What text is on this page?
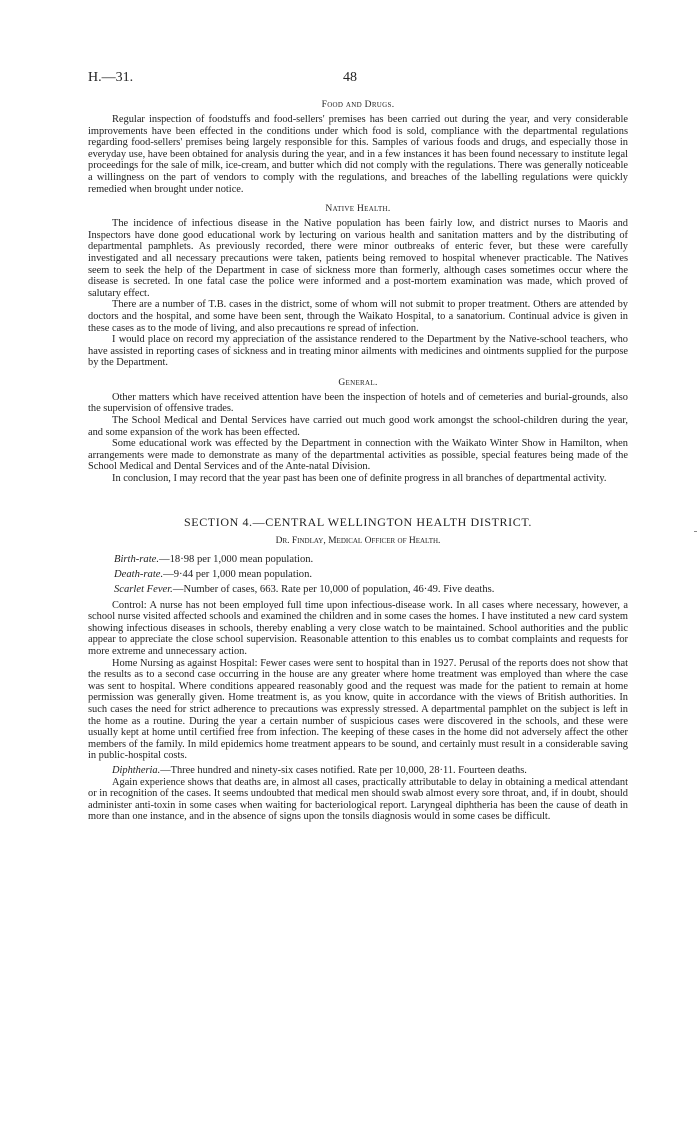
H.—31.	48
Food and Drugs.

Regular inspection of foodstuffs and food-sellers' premises has been carried out during the year, and very considerable improvements have been effected in the conditions under which food is sold, compliance with the departmental regulations regarding food-sellers' premises being largely responsible for this. Samples of various foods and drugs, and especially those in everyday use, have been obtained for analysis during the year, and in a few instances it has been found necessary to institute legal proceedings for the sale of milk, ice-cream, and butter which did not comply with the regulations. There was generally noticeable a willingness on the part of vendors to comply with the regulations, and breaches of the labelling regulations were quickly remedied when brought under notice.

Native Health.

The incidence of infectious disease in the Native population has been fairly low, and district nurses to Maoris and Inspectors have done good educational work by lecturing on various health and sanitation matters and by the distributing of departmental pamphlets. As previously recorded, there were minor outbreaks of enteric fever, but these were carefully investigated and all necessary precautions were taken, patients being removed to hospital whenever practicable. The Natives seem to seek the help of the Department in case of sickness more than formerly, although cases sometimes occur where the disease is secreted. In one fatal case the police were informed and a post-mortem examination was made, which proved of salutary effect.

There are a number of T.B. cases in the district, some of whom will not submit to proper treatment. Others are attended by doctors and the hospital, and some have been sent, through the Waikato Hospital, to a sanatorium. Continual advice is given in these cases as to the mode of living, and also precautions re spread of infection.

I would place on record my appreciation of the assistance rendered to the Department by the Native-school teachers, who have assisted in reporting cases of sickness and in treating minor ailments with medicines and ointments supplied for the purpose by the Department.

General.

Other matters which have received attention have been the inspection of hotels and of cemeteries and burial-grounds, also the supervision of offensive trades.

The School Medical and Dental Services have carried out much good work amongst the school-children during the year, and some expansion of the work has been effected.

Some educational work was effected by the Department in connection with the Waikato Winter Show in Hamilton, when arrangements were made to demonstrate as many of the departmental activities as possible, special features being made of the School Medical and Dental Services and of the Ante-natal Division.

In conclusion, I may record that the year past has been one of definite progress in all branches of departmental activity.

SECTION 4.—CENTRAL WELLINGTON HEALTH DISTRICT.
Dr. Findlay, Medical Officer of Health.
Birth-rate.—18·98 per 1,000 mean population.
Death-rate.—9·44 per 1,000 mean population.
Scarlet Fever.—Number of cases, 663. Rate per 10,000 of population, 46·49. Five deaths.

Control: A nurse has not been employed full time upon infectious-disease work. In all cases where necessary, however, a school nurse visited affected schools and examined the children and in some cases the homes. I have instituted a new card system showing infectious diseases in schools, thereby enabling a very close watch to be maintained. School authorities and the public appear to appreciate the close school supervision. Reasonable attention to this enables us to combat complaints and requests for more extreme and unnecessary action.

Home Nursing as against Hospital: Fewer cases were sent to hospital than in 1927. Perusal of the reports does not show that the results as to a second case occurring in the house are any greater where home treatment was employed than where the case was sent to hospital. Where conditions appeared reasonably good and the request was made for the patient to remain at home permission was generally given. Home treatment is, as you know, quite in accordance with the views of British authorities. In such cases the need for strict adherence to precautions was expressly stressed. A departmental pamphlet on the subject is left in the home as a routine. During the year a certain number of suspicious cases were discovered in the schools, and these were usually kept at home until certified free from infection. The keeping of these cases in the home did not adversely affect the other members of the family. In mild epidemics home treatment appears to be sound, and certainly must result in a considerable saving in public-hospital costs.

Diphtheria.—Three hundred and ninety-six cases notified. Rate per 10,000, 28·11. Fourteen deaths.

Again experience shows that deaths are, in almost all cases, practically attributable to delay in obtaining a medical attendant or in recognition of the cases. It seems undoubted that medical men should swab almost every sore throat, and, if in doubt, should administer anti-toxin in some cases when waiting for bacteriological report. Laryngeal diphtheria has been the cause of death in more than one instance, and in the absence of signs upon the tonsils diagnosis would in some cases be difficult.
